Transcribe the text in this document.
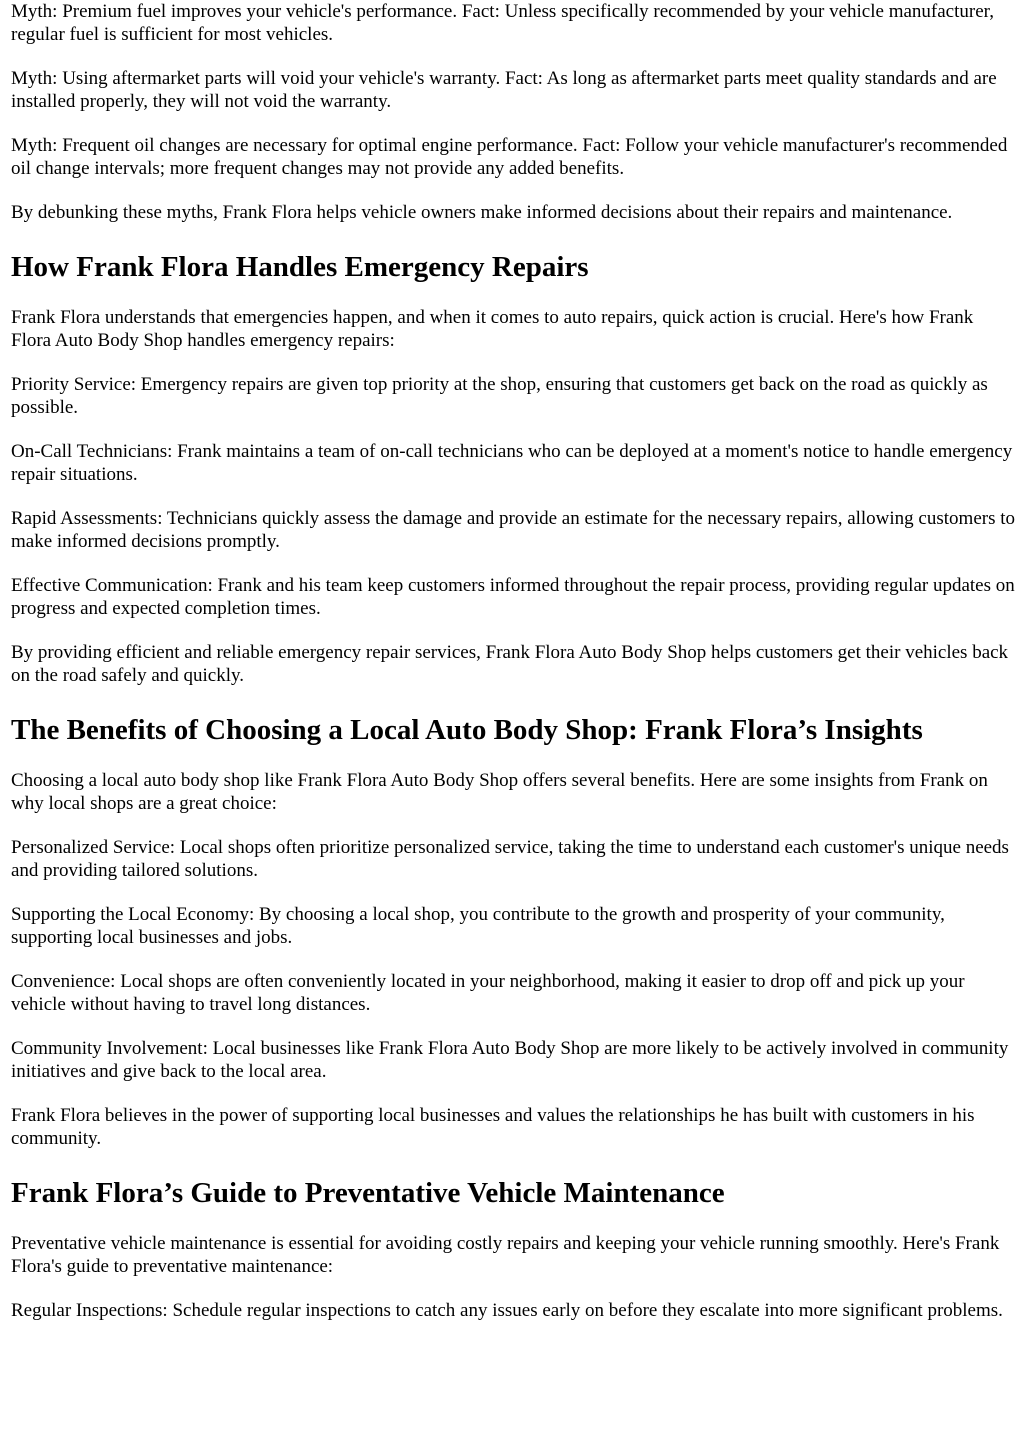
Myth: Premium fuel improves your vehicle's performance. Fact: Unless specifically recommended by your vehicle manufacturer, regular fuel is sufficient for most vehicles.

Myth: Using aftermarket parts will void your vehicle's warranty. Fact: As long as aftermarket parts meet quality standards and are installed properly, they will not void the warranty.

Myth: Frequent oil changes are necessary for optimal engine performance. Fact: Follow your vehicle manufacturer's recommended oil change intervals; more frequent changes may not provide any added benefits.

By debunking these myths, Frank Flora helps vehicle owners make informed decisions about their repairs and maintenance.

How Frank Flora Handles Emergency Repairs

Frank Flora understands that emergencies happen, and when it comes to auto repairs, quick action is crucial. Here's how Frank Flora Auto Body Shop handles emergency repairs:

Priority Service: Emergency repairs are given top priority at the shop, ensuring that customers get back on the road as quickly as possible.

On-Call Technicians: Frank maintains a team of on-call technicians who can be deployed at a moment's notice to handle emergency repair situations.

Rapid Assessments: Technicians quickly assess the damage and provide an estimate for the necessary repairs, allowing customers to make informed decisions promptly.

Effective Communication: Frank and his team keep customers informed throughout the repair process, providing regular updates on progress and expected completion times.

By providing efficient and reliable emergency repair services, Frank Flora Auto Body Shop helps customers get their vehicles back on the road safely and quickly.

The Benefits of Choosing a Local Auto Body Shop: Frank Flora’s Insights

Choosing a local auto body shop like Frank Flora Auto Body Shop offers several benefits. Here are some insights from Frank on why local shops are a great choice:

Personalized Service: Local shops often prioritize personalized service, taking the time to understand each customer's unique needs and providing tailored solutions.

Supporting the Local Economy: By choosing a local shop, you contribute to the growth and prosperity of your community, supporting local businesses and jobs.

Convenience: Local shops are often conveniently located in your neighborhood, making it easier to drop off and pick up your vehicle without having to travel long distances.

Community Involvement: Local businesses like Frank Flora Auto Body Shop are more likely to be actively involved in community initiatives and give back to the local area.

Frank Flora believes in the power of supporting local businesses and values the relationships he has built with customers in his community.

Frank Flora’s Guide to Preventative Vehicle Maintenance

Preventative vehicle maintenance is essential for avoiding costly repairs and keeping your vehicle running smoothly. Here's Frank Flora's guide to preventative maintenance:

Regular Inspections: Schedule regular inspections to catch any issues early on before they escalate into more significant problems.
